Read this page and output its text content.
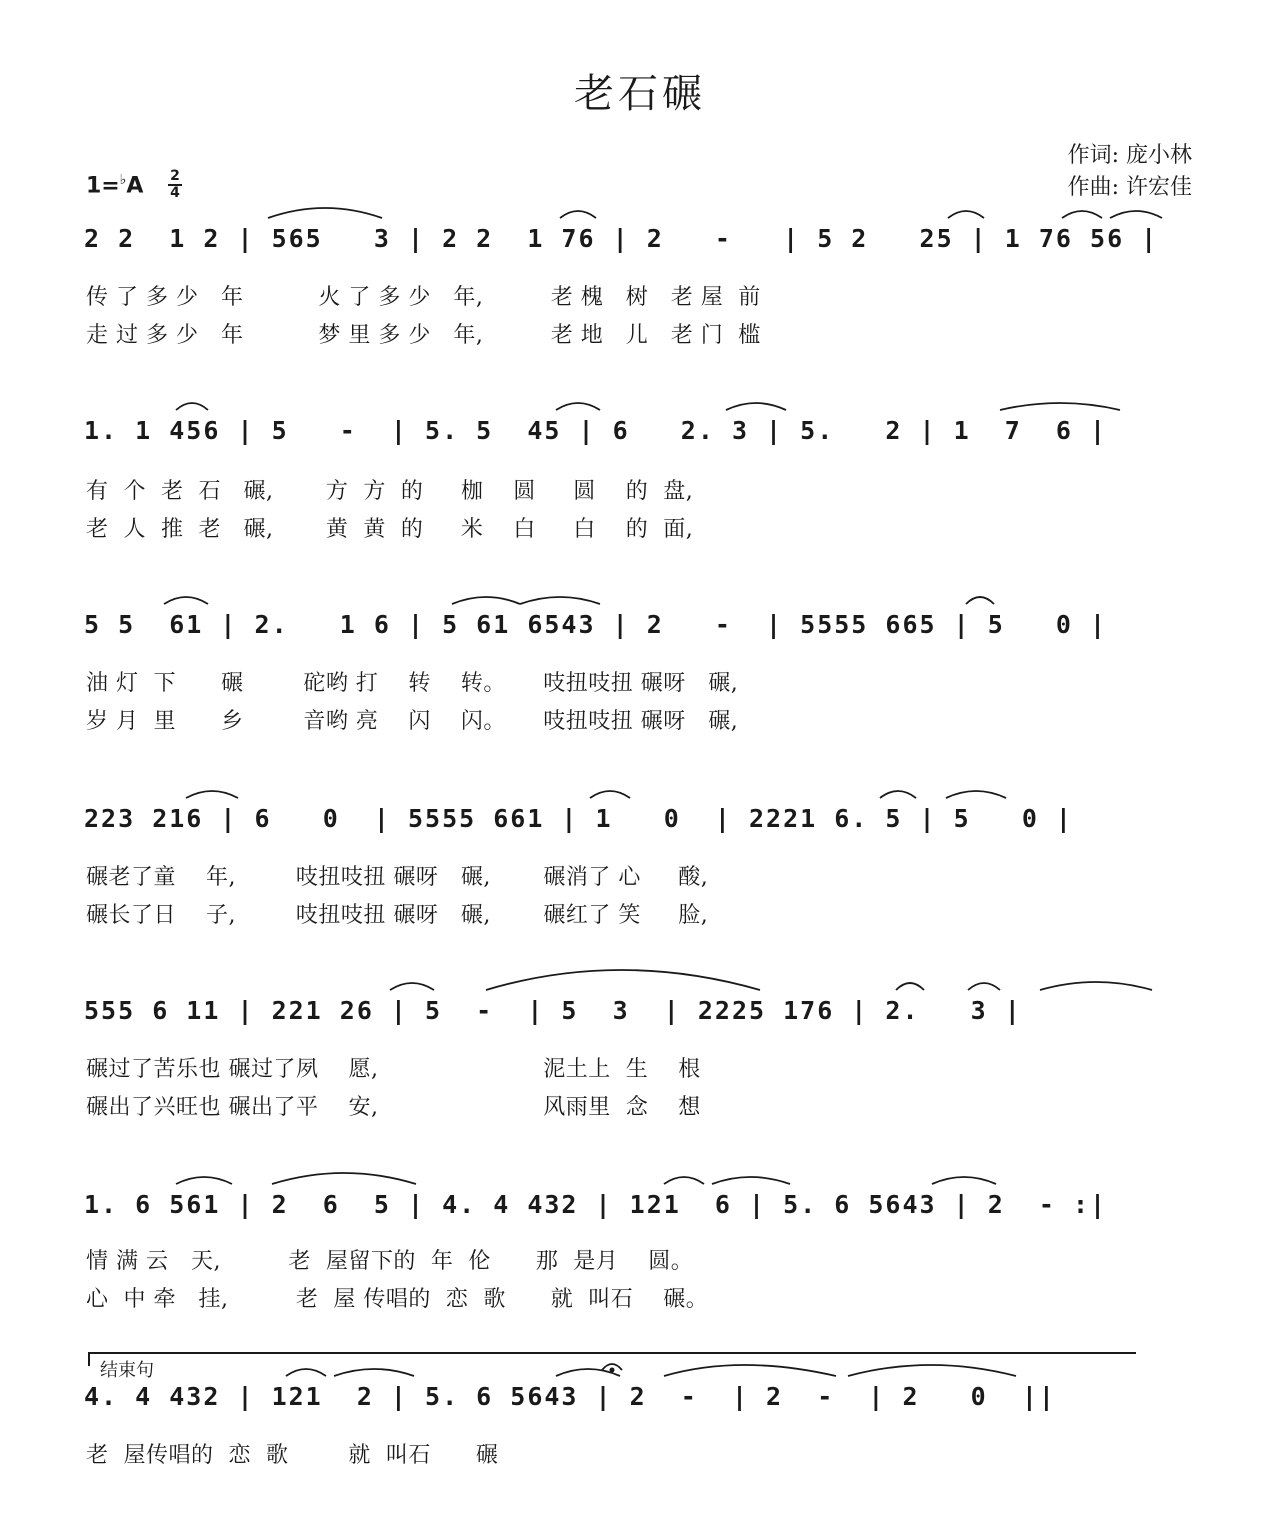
老石碾
作词: 庞小林
作曲: 许宏佳
1=♭A 2
4
2 2  1 2 | 565   3 | 2 2  1 76 | 2   -   | 5 2   25 | 1 76 56 |
传 了 多 少   年          火 了 多 少   年,         老 槐   树   老 屋  前
走 过 多 少   年          梦 里 多 少   年,         老 地   儿   老 门  槛
1. 1 456 | 5   -  | 5. 5  45 | 6   2. 3 | 5.   2 | 1  7  6 |
有  个  老  石   碾,       方  方  的     枷    圆     圆    的  盘,
老  人  推  老   碾,       黄  黄  的     米    白     白    的  面,
5 5  61 | 2.   1 6 | 5 61 6543 | 2   -  | 5555 665 | 5   0 |
油 灯  下      碾        砣哟 打    转    转。     吱扭吱扭 碾呀   碾,
岁 月  里      乡        音哟 亮    闪    闪。     吱扭吱扭 碾呀   碾,
223 216 | 6   0  | 5555 661 | 1   0  | 2221 6. 5 | 5   0 |
碾老了童    年,        吱扭吱扭 碾呀   碾,       碾消了 心     酸,
碾长了日    子,        吱扭吱扭 碾呀   碾,       碾红了 笑     脸,
555 6 11 | 221 26 | 5  -  | 5  3  | 2225 176 | 2.   3 |
碾过了苦乐也 碾过了夙    愿,                      泥土上  生    根
碾出了兴旺也 碾出了平    安,                      风雨里  念    想
1. 6 561 | 2  6  5 | 4. 4 432 | 121  6 | 5. 6 5643 | 2  - :|
情 满 云   天,         老  屋留下的  年  伦      那  是月    圆。
心  中 牵   挂,         老  屋 传唱的  恋  歌      就  叫石    碾。
结束句
4. 4 432 | 121  2 | 5. 6 5643 | 2  -  | 2  -  | 2   0  ||
老  屋传唱的  恋  歌        就  叫石      碾
